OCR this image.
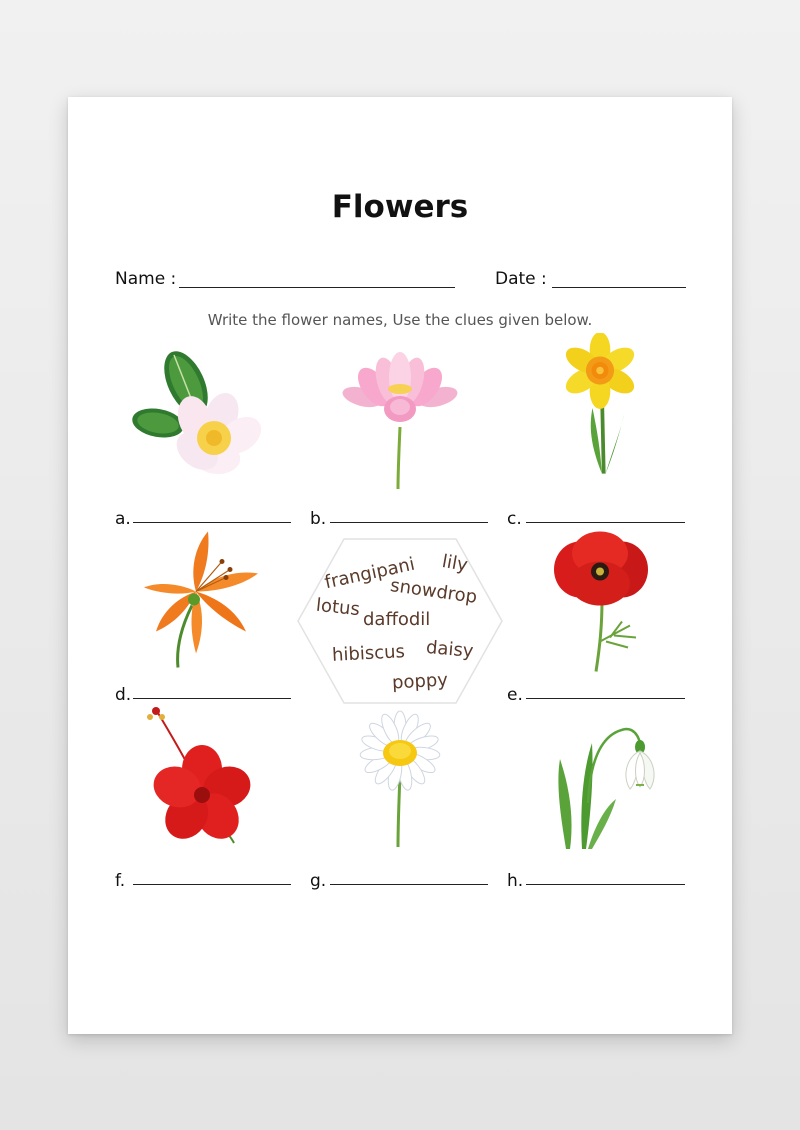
Flowers
Name :	Date :
Write the flower names, Use the clues given below.
a.	b.	c.
d.
frangipani lily
snowdrop
lotus daffodil
hibiscus daisy
poppy
e.
f.	g.	h.
